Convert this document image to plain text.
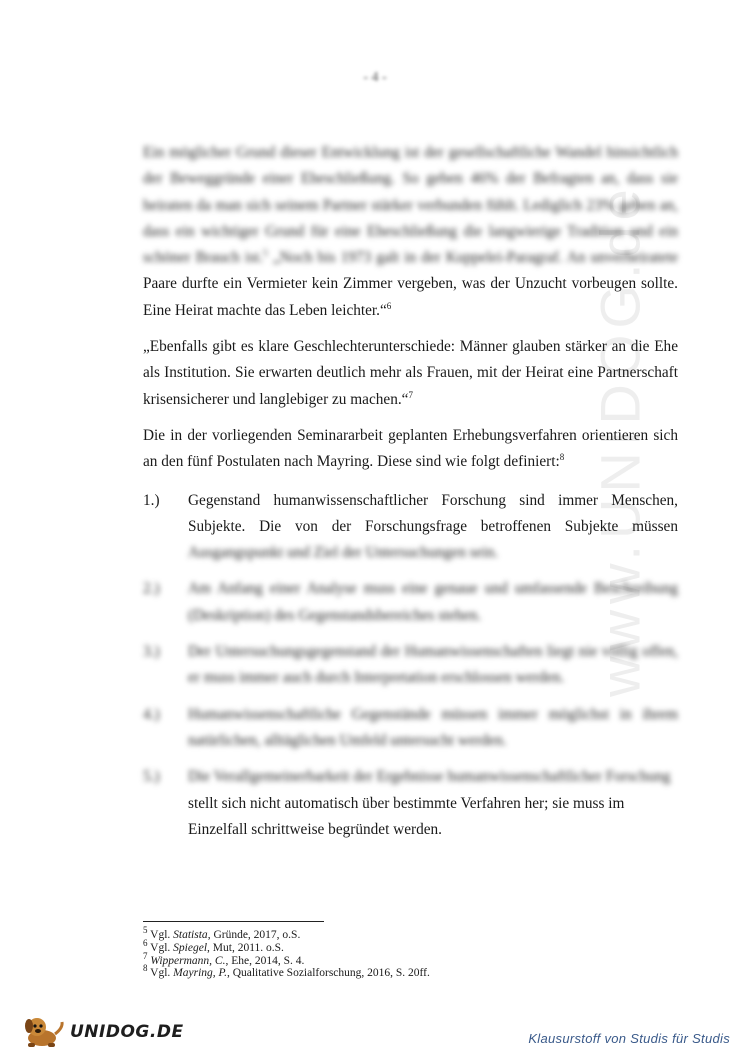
www.UNIDOG.de
- 4 -

Ein möglicher Grund dieser Entwicklung ist der gesellschaftliche Wandel hinsichtlich der Beweggründe einer Eheschließung. So geben 46% der Befragten an, dass sie heiraten da man sich seinem Partner stärker verbunden fühlt. Lediglich 23% geben an, dass ein wichtiger Grund für eine Eheschließung die langwierige Tradition und ein schöner Brauch ist.$^5$ „Noch bis 1973 galt in der Kuppelei-Paragraf. An unverheiratete Paare durfte ein Vermieter kein Zimmer vergeben, was der Unzucht vorbeugen sollte. Eine Heirat machte das Leben leichter.“$^6$

„Ebenfalls gibt es klare Geschlechterunterschiede: Männer glauben stärker an die Ehe als Institution. Sie erwarten deutlich mehr als Frauen, mit der Heirat eine Partnerschaft krisensicherer und langlebiger zu machen.“$^7$

Die in der vorliegenden Seminararbeit geplanten Erhebungsverfahren orientieren sich an den fünf Postulaten nach Mayring. Diese sind wie folgt definiert:$^8$

1.)	Gegenstand humanwissenschaftlicher Forschung sind immer Menschen, Subjekte. Die von der Forschungsfrage betroffenen Subjekte müssen Ausgangspunkt und Ziel der Untersuchungen sein.
2.)	Am Anfang einer Analyse muss eine genaue und umfassende Beschreibung (Deskription) des Gegenstandsbereiches stehen.
3.)	Der Untersuchungsgegenstand der Humanwissenschaften liegt nie völlig offen, er muss immer auch durch Interpretation erschlossen werden.
4.)	Humanwissenschaftliche Gegenstände müssen immer möglichst in ihrem natürlichen, alltäglichen Umfeld untersucht werden.
5.)	Die Verallgemeinerbarkeit der Ergebnisse humanwissenschaftlicher Forschung
stellt sich nicht automatisch über bestimmte Verfahren her; sie muss im
Einzelfall schrittweise begründet werden.

$^5$ Vgl. Statista, Gründe, 2017, o.S.

$^6$ Vgl. Spiegel, Mut, 2011. o.S.

$^7$ Wippermann, C., Ehe, 2014, S. 4.

$^8$ Vgl. Mayring, P., Qualitative Sozialforschung, 2016, S. 20ff.

UNIDOG.DE	Klausurstoff von Studis für Studis
